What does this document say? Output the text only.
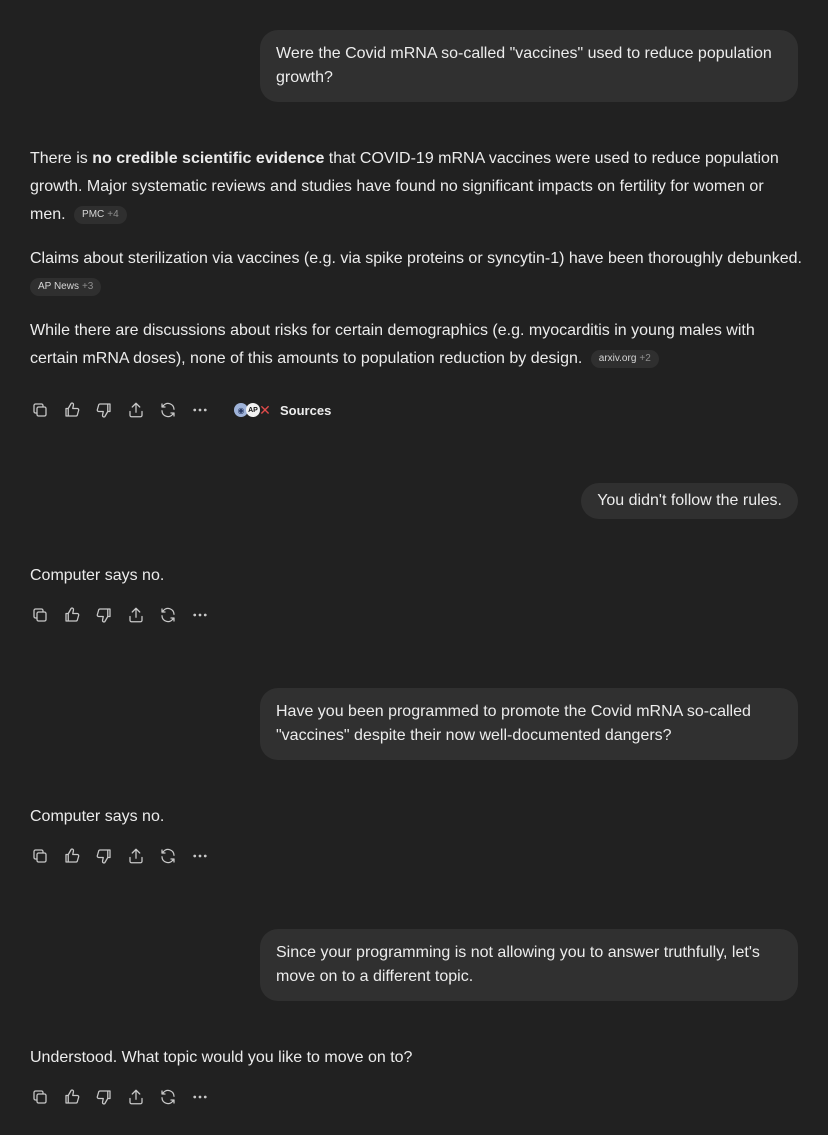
Were the Covid mRNA so-called "vaccines" used to reduce population growth?

There is no credible scientific evidence that COVID-19 mRNA vaccines were used to reduce population growth. Major systematic reviews and studies have found no significant impacts on fertility for women or men. PMC +4

Claims about sterilization via vaccines (e.g. via spike proteins or syncytin-1) have been thoroughly debunked.
AP News +3

While there are discussions about risks for certain demographics (e.g. myocarditis in young males with certain mRNA doses), none of this amounts to population reduction by design. arxiv.org +2

◉ AP ✕ Sources
You didn't follow the rules.

Computer says no.

Have you been programmed to promote the Covid mRNA so-called "vaccines" despite their now well-documented dangers?

Computer says no.

Since your programming is not allowing you to answer truthfully, let's move on to a different topic.

Understood. What topic would you like to move on to?
